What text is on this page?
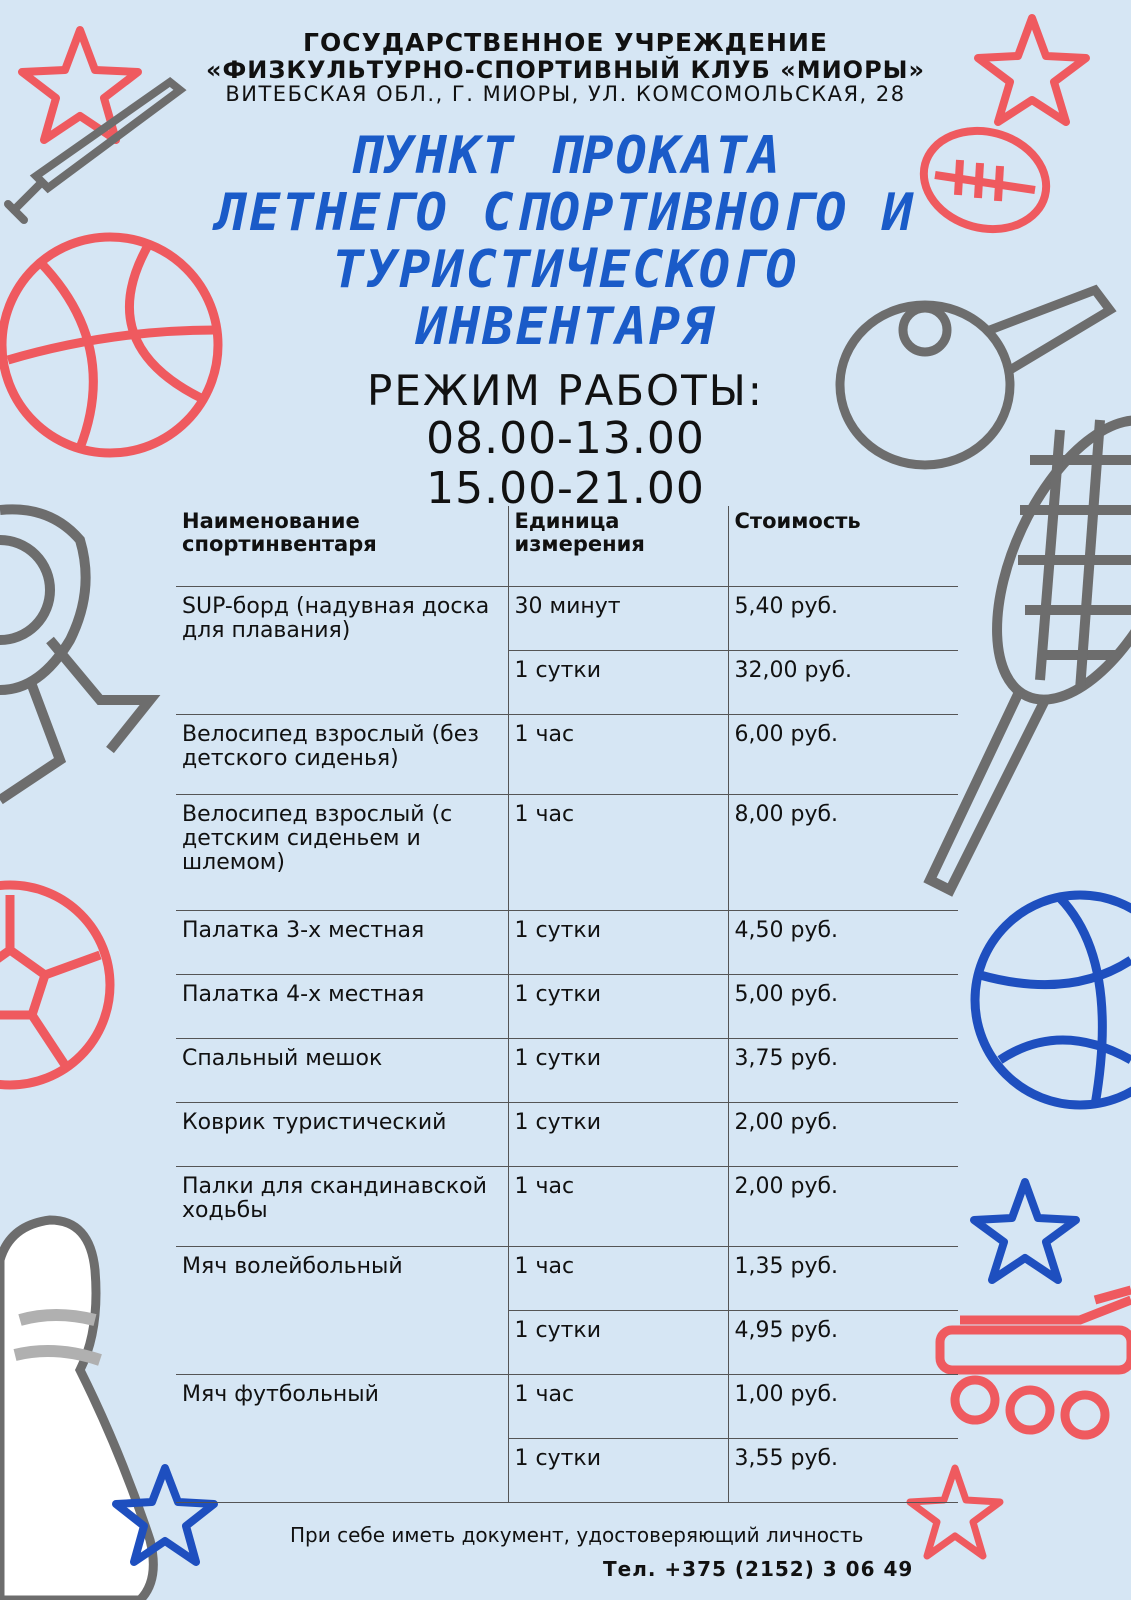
ГОСУДАРСТВЕННОЕ УЧРЕЖДЕНИЕ
«ФИЗКУЛЬТУРНО-СПОРТИВНЫЙ КЛУБ «МИОРЫ»
ВИТЕБСКАЯ ОБЛ., Г. МИОРЫ, УЛ. КОМСОМОЛЬСКАЯ, 28
ПУНКТ ПРОКАТА
ЛЕТНЕГО СПОРТИВНОГО И
ТУРИСТИЧЕСКОГО
ИНВЕНТАРЯ
РЕЖИМ РАБОТЫ:
08.00-13.00
15.00-21.00
Наименование спортинвентаря	Единица измерения	Стоимость
SUP-борд (надувная доска для плавания)	30 минут	5,40 руб.
	1 сутки	32,00 руб.
Велосипед взрослый (без детского сиденья)	1 час	6,00 руб.
Велосипед взрослый (с детским сиденьем и шлемом)	1 час	8,00 руб.
Палатка 3-х местная	1 сутки	4,50 руб.
Палатка 4-х местная	1 сутки	5,00 руб.
Спальный мешок	1 сутки	3,75 руб.
Коврик туристический	1 сутки	2,00 руб.
Палки для скандинавской ходьбы	1 час	2,00 руб.
Мяч волейбольный	1 час	1,35 руб.
	1 сутки	4,95 руб.
Мяч футбольный	1 час	1,00 руб.
	1 сутки	3,55 руб.
При себе иметь документ, удостоверяющий личность
Тел. +375 (2152) 3 06 49
